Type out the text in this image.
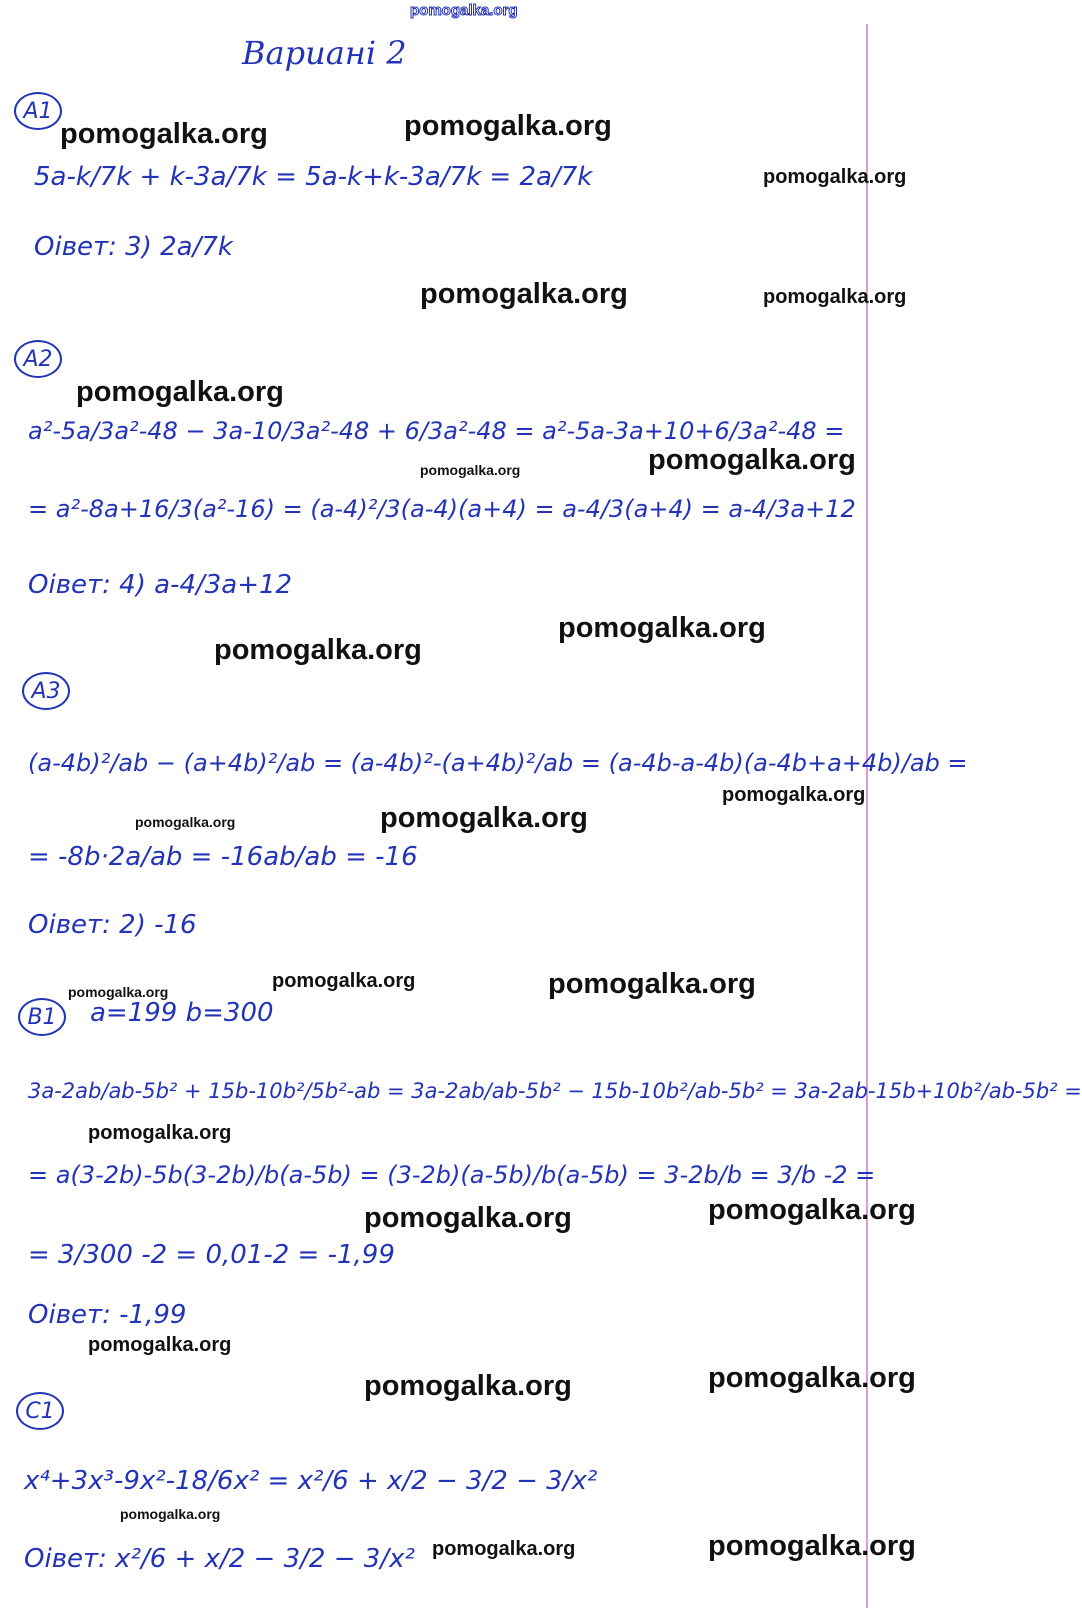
pomogalka.org
Варианi 2
A1
5a-k/7k + k-3a/7k = 5a-k+k-3a/7k = 2a/7k
Oiвет: 3) 2a/7k
A2
a²-5a/3a²-48 − 3a-10/3a²-48 + 6/3a²-48 = a²-5a-3a+10+6/3a²-48 =
= a²-8a+16/3(a²-16) = (a-4)²/3(a-4)(a+4) = a-4/3(a+4) = a-4/3a+12
Oiвет: 4) a-4/3a+12
A3
(a-4b)²/ab − (a+4b)²/ab = (a-4b)²-(a+4b)²/ab = (a-4b-a-4b)(a-4b+a+4b)/ab =
= -8b·2a/ab = -16ab/ab = -16
Oiвет: 2) -16
B1	a=199 b=300
3a-2ab/ab-5b² + 15b-10b²/5b²-ab = 3a-2ab/ab-5b² − 15b-10b²/ab-5b² = 3a-2ab-15b+10b²/ab-5b² =
= a(3-2b)-5b(3-2b)/b(a-5b) = (3-2b)(a-5b)/b(a-5b) = 3-2b/b = 3/b -2 =
= 3/300 -2 = 0,01-2 = -1,99
Oiвет: -1,99
C1
x⁴+3x³-9x²-18/6x² = x²/6 + x/2 − 3/2 − 3/x²
Oiвет: x²/6 + x/2 − 3/2 − 3/x²
pomogalka.org	pomogalka.org
pomogalka.org
pomogalka.org	pomogalka.org
pomogalka.org
pomogalka.org	pomogalka.org
pomogalka.org
pomogalka.org
pomogalka.org
pomogalka.org	pomogalka.org
pomogalka.org	pomogalka.org	pomogalka.org
pomogalka.org
pomogalka.org	pomogalka.org
pomogalka.org
pomogalka.org	pomogalka.org
pomogalka.org
pomogalka.org	pomogalka.org
